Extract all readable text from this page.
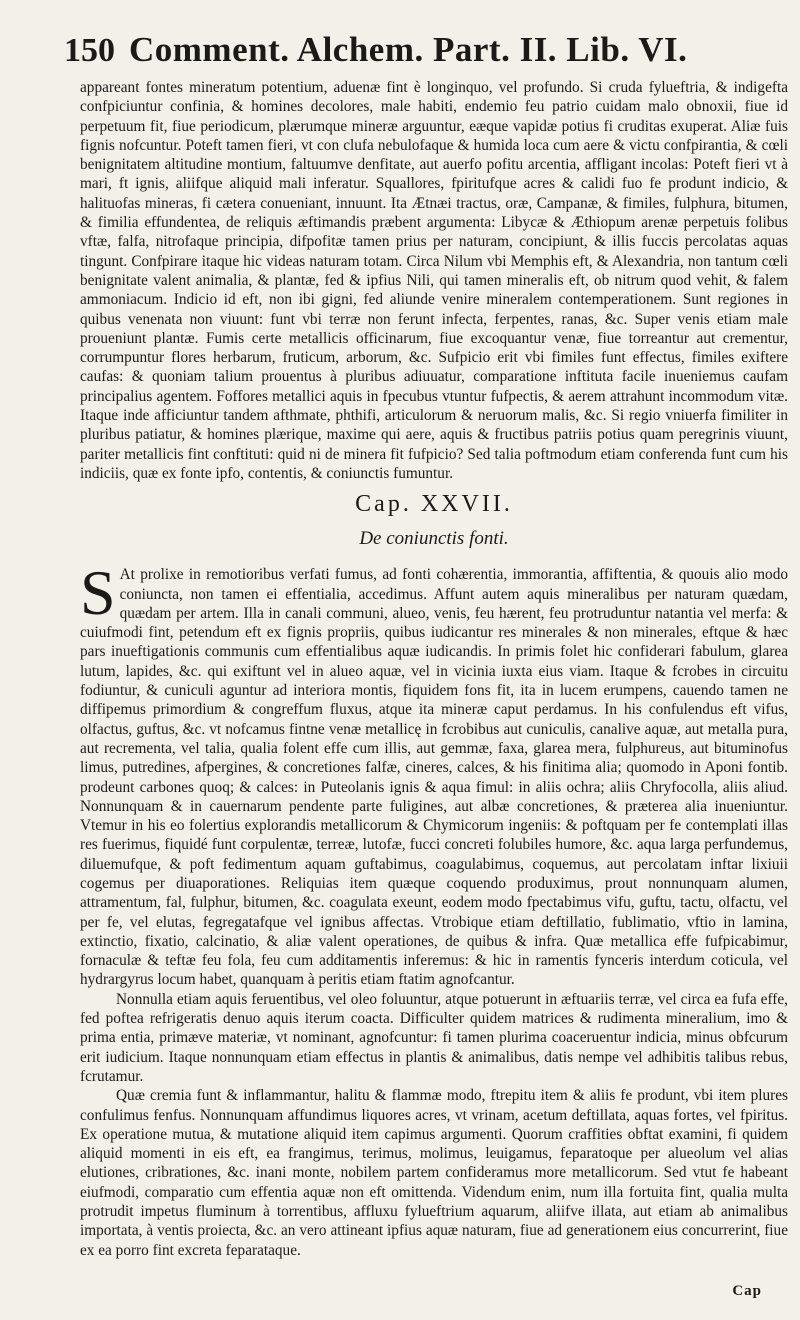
150 Comment. Alchem. Part. II. Lib. VI.

appareant fontes mineratum potentium, aduenæ fint è longinquo, vel profundo. Si cruda fylueftria, & indigefta confpiciuntur confinia, & homines decolores, male habiti, endemio feu patrio cuidam malo obnoxii, fiue id perpetuum fit, fiue periodicum, plærumque mineræ arguuntur, eæque vapidæ potius fi cruditas exuperat. Aliæ fuis fignis nofcuntur. Poteft tamen fieri, vt con clufa nebulofaque & humida loca cum aere & victu confpirantia, & cœli benignitatem altitudine montium, faltuumve denfitate, aut auerfo pofitu arcentia, affligant incolas: Poteft fieri vt à mari, ft ignis, aliifque aliquid mali inferatur. Squallores, fpiritufque acres & calidi fuo fe produnt indicio, & halituofas mineras, fi cætera conueniant, innuunt. Ita Ætnæi tractus, oræ, Campanæ, & fimiles, fulphura, bitumen, & fimilia effundentea, de reliquis æftimandis præbent argumenta: Libycæ & Æthiopum arenæ perpetuis folibus vftæ, falfa, nitrofaque principia, difpofitæ tamen prius per naturam, concipiunt, & illis fuccis percolatas aquas tingunt. Confpirare itaque hic videas naturam totam. Circa Nilum vbi Memphis eft, & Alexandria, non tantum cœli benignitate valent animalia, & plantæ, fed & ipfius Nili, qui tamen mineralis eft, ob nitrum quod vehit, & falem ammoniacum. Indicio id eft, non ibi gigni, fed aliunde venire mineralem contemperationem. Sunt regiones in quibus venenata non viuunt: funt vbi terræ non ferunt infecta, ferpentes, ranas, &c. Super venis etiam male proueniunt plantæ. Fumis certe metallicis officinarum, fiue excoquantur venæ, fiue torreantur aut crementur, corrumpuntur flores herbarum, fruticum, arborum, &c. Sufpicio erit vbi fimiles funt effectus, fimiles exiftere caufas: & quoniam talium prouentus à pluribus adiuuatur, comparatione inftituta facile inueniemus caufam principalius agentem. Foffores metallici aquis in fpecubus vtuntur fufpectis, & aerem attrahunt incommodum vitæ. Itaque inde afficiuntur tandem afthmate, phthifi, articulorum & neruorum malis, &c. Si regio vniuerfa fimiliter in pluribus patiatur, & homines plærique, maxime qui aere, aquis & fructibus patriis potius quam peregrinis viuunt, pariter metallicis fint conftituti: quid ni de minera fit fufpicio? Sed talia poftmodum etiam conferenda funt cum his indiciis, quæ ex fonte ipfo, contentis, & coniunctis fumuntur.

Cap. XXVII.
De coniunctis fonti.

S At prolixe in remotioribus verfati fumus, ad fonti cohærentia, immorantia, affiftentia, & quouis alio modo coniuncta, non tamen ei effentialia, accedimus. Affunt autem aquis mineralibus per naturam quædam, quædam per artem. Illa in canali communi, alueo, venis, feu hærent, feu protruduntur natantia vel merfa: & cuiufmodi fint, petendum eft ex fignis propriis, quibus iudicantur res minerales & non minerales, eftque & hæc pars inueftigationis communis cum effentialibus aquæ iudicandis. In primis folet hic confiderari fabulum, glarea lutum, lapides, &c. qui exiftunt vel in alueo aquæ, vel in vicinia iuxta eius viam. Itaque & fcrobes in circuitu fodiuntur, & cuniculi aguntur ad interiora montis, fiquidem fons fit, ita in lucem erumpens, cauendo tamen ne diffipemus primordium & congreffum fluxus, atque ita mineræ caput perdamus. In his confulendus eft vifus, olfactus, guftus, &c. vt nofcamus fintne venæ metallicę in fcrobibus aut cuniculis, canalive aquæ, aut metalla pura, aut recrementa, vel talia, qualia folent effe cum illis, aut gemmæ, faxa, glarea mera, fulphureus, aut bituminofus limus, putredines, afpergines, & concretiones falfæ, cineres, calces, & his finitima alia; quomodo in Aponi fontib. prodeunt carbones quoq; & calces: in Puteolanis ignis & aqua fimul: in aliis ochra; aliis Chryfocolla, aliis aliud. Nonnunquam & in cauernarum pendente parte fuligines, aut albæ concretiones, & præterea alia inueniuntur. Vtemur in his eo folertius explorandis metallicorum & Chymicorum ingeniis: & poftquam per fe contemplati illas res fuerimus, fiquidé funt corpulentæ, terreæ, lutofæ, fucci concreti folubiles humore, &c. aqua larga perfundemus, diluemufque, & poft fedimentum aquam guftabimus, coagulabimus, coquemus, aut percolatam inftar lixiuii cogemus per diuaporationes. Reliquias item quæque coquendo produximus, prout nonnunquam alumen, attramentum, fal, fulphur, bitumen, &c. coagulata exeunt, eodem modo fpectabimus vifu, guftu, tactu, olfactu, vel per fe, vel elutas, fegregatafque vel ignibus affectas. Vtrobique etiam deftillatio, fublimatio, vftio in lamina, extinctio, fixatio, calcinatio, & aliæ valent operationes, de quibus & infra. Quæ metallica effe fufpicabimur, fornaculæ & teftæ feu fola, feu cum additamentis inferemus: & hic in ramentis fynceris interdum coticula, vel hydrargyrus locum habet, quanquam à peritis etiam ftatim agnofcantur.

Nonnulla etiam aquis feruentibus, vel oleo foluuntur, atque potuerunt in æftuariis terræ, vel circa ea fufa effe, fed poftea refrigeratis denuo aquis iterum coacta. Difficulter quidem matrices & rudimenta mineralium, imo & prima entia, primæve materiæ, vt nominant, agnofcuntur: fi tamen plurima coaceruentur indicia, minus obfcurum erit iudicium. Itaque nonnunquam etiam effectus in plantis & animalibus, datis nempe vel adhibitis talibus rebus, fcrutamur.

Quæ cremia funt & inflammantur, halitu & flammæ modo, ftrepitu item & aliis fe produnt, vbi item plures confulimus fenfus. Nonnunquam affundimus liquores acres, vt vrinam, acetum deftillata, aquas fortes, vel fpiritus. Ex operatione mutua, & mutatione aliquid item capimus argumenti. Quorum craffities obftat examini, fi quidem aliquid momenti in eis eft, ea frangimus, terimus, molimus, leuigamus, feparatoque per alueolum vel alias elutiones, cribrationes, &c. inani monte, nobilem partem confideramus more metallicorum. Sed vtut fe habeant eiufmodi, comparatio cum effentia aquæ non eft omittenda. Videndum enim, num illa fortuita fint, qualia multa protrudit impetus fluminum à torrentibus, affluxu fylueftrium aquarum, aliifve illata, aut etiam ab animalibus importata, à ventis proiecta, &c. an vero attineant ipfius aquæ naturam, fiue ad generationem eius concurrerint, fiue ex ea porro fint excreta feparataque.

Cap
